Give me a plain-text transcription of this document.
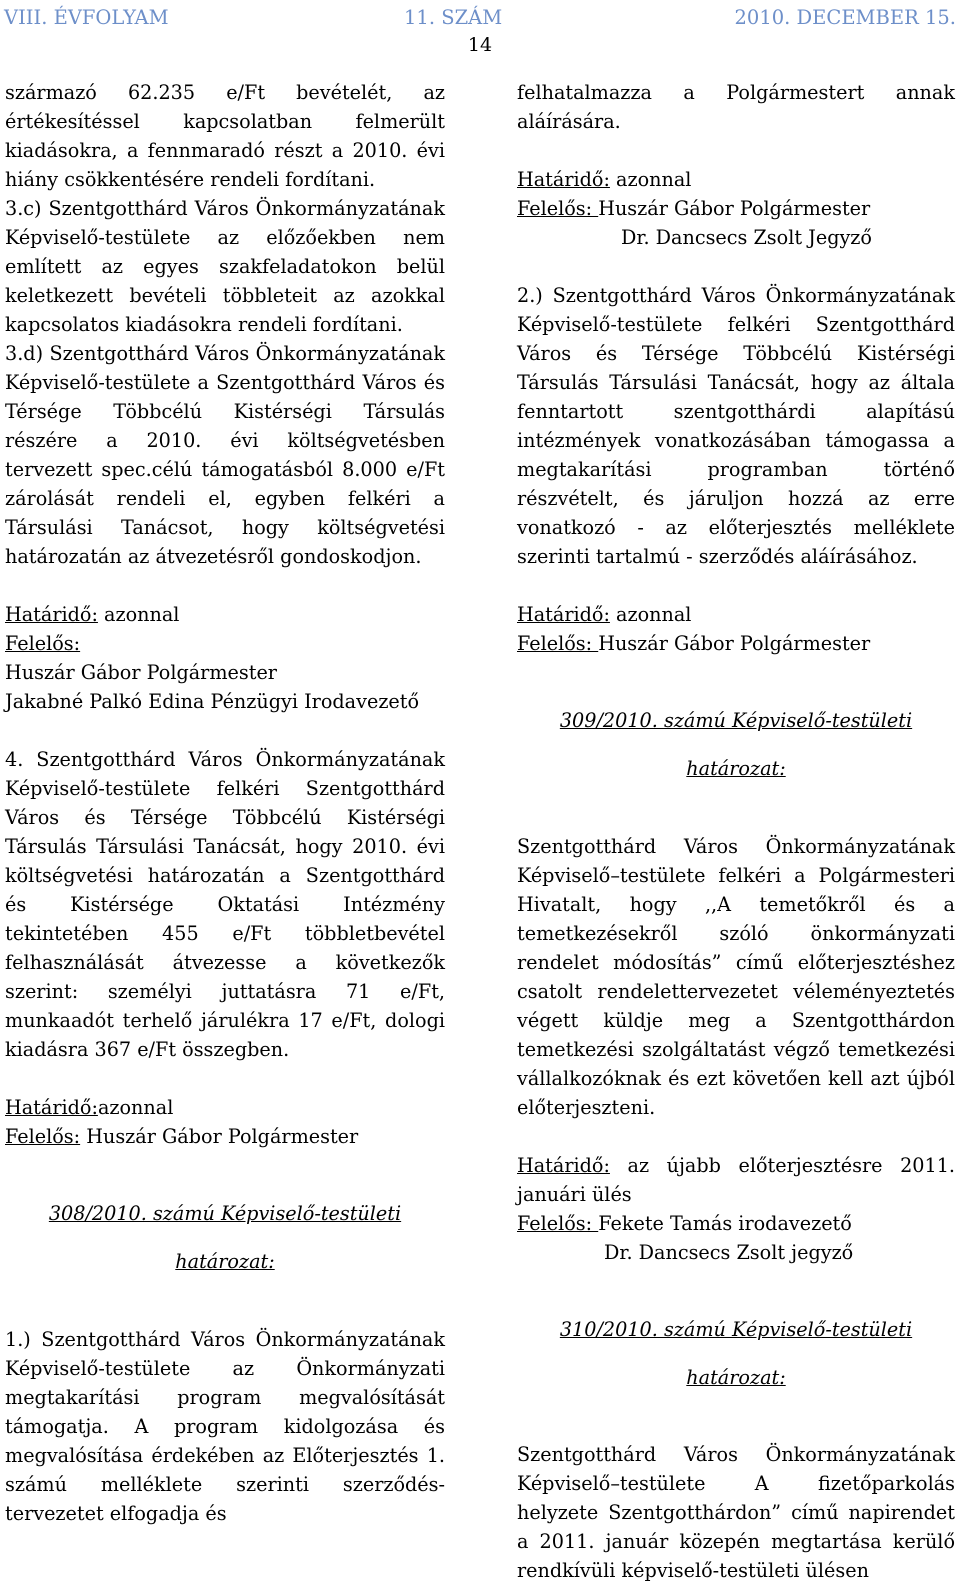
VIII. ÉVFOLYAM	11. SZÁM	2010. DECEMBER 15.
14

származó 62.235 e/Ft bevételét, az értékesítéssel kapcsolatban felmerült kiadásokra, a fennmaradó részt a 2010. évi hiány csökkentésére rendeli fordítani.

3.c) Szentgotthárd Város Önkormányzatának Képviselő-testülete az előzőekben nem említett az egyes szakfeladatokon belül keletkezett bevételi többleteit az azokkal kapcsolatos kiadásokra rendeli fordítani.

3.d) Szentgotthárd Város Önkormányzatának Képviselő-testülete a Szentgotthárd Város és Térsége Többcélú Kistérségi Társulás részére a 2010. évi költségvetésben tervezett spec.célú támogatásból 8.000 e/Ft zárolását rendeli el, egyben felkéri a Társulási Tanácsot, hogy költségvetési határozatán az átvezetésről gondoskodjon.

Határidő: azonnal

Felelős:

Huszár Gábor Polgármester

Jakabné Palkó Edina Pénzügyi Irodavezető

4. Szentgotthárd Város Önkormányzatának Képviselő-testülete felkéri Szentgotthárd Város és Térsége Többcélú Kistérségi Társulás Társulási Tanácsát, hogy 2010. évi költségvetési határozatán a Szentgotthárd és Kistérsége Oktatási Intézmény tekintetében 455 e/Ft többletbevétel felhasználását átvezesse a következők szerint: személyi juttatásra 71 e/Ft, munkaadót terhelő járulékra 17 e/Ft, dologi kiadásra 367 e/Ft összegben.

Határidő:azonnal

Felelős: Huszár Gábor Polgármester

308/2010. számú Képviselő-testületi

határozat:

1.) Szentgotthárd Város Önkormányzatának Képviselő-testülete az Önkormányzati megtakarítási program megvalósítását támogatja. A program kidolgozása és megvalósítása érdekében az Előterjesztés 1. számú melléklete szerinti szerződés-tervezetet elfogadja és

felhatalmazza a Polgármestert annak aláírására.

Határidő: azonnal

Felelős: Huszár Gábor Polgármester

Dr. Dancsecs Zsolt Jegyző

2.) Szentgotthárd Város Önkormányzatának Képviselő-testülete felkéri Szentgotthárd Város és Térsége Többcélú Kistérségi Társulás Társulási Tanácsát, hogy az általa fenntartott szentgotthárdi alapítású intézmények vonatkozásában támogassa a megtakarítási programban történő részvételt, és járuljon hozzá az erre vonatkozó - az előterjesztés melléklete szerinti tartalmú - szerződés aláírásához.

Határidő: azonnal

Felelős: Huszár Gábor Polgármester

309/2010. számú Képviselő-testületi

határozat:

Szentgotthárd Város Önkormányzatának Képviselő–testülete felkéri a Polgármesteri Hivatalt, hogy ,,A temetőkről és a temetkezésekről szóló önkormányzati rendelet módosítás” című előterjesztéshez csatolt rendelettervezetet véleményeztetés végett küldje meg a Szentgotthárdon temetkezési szolgáltatást végző temetkezési vállalkozóknak és ezt követően kell azt újból előterjeszteni.

Határidő: az újabb előterjesztésre 2011. januári ülés

Felelős: Fekete Tamás irodavezető

Dr. Dancsecs Zsolt jegyző

310/2010. számú Képviselő-testületi

határozat:

Szentgotthárd Város Önkormányzatának Képviselő–testülete A fizetőparkolás helyzete Szentgotthárdon” című napirendet a 2011. január közepén megtartása kerülő rendkívüli képviselő-testületi ülésen
